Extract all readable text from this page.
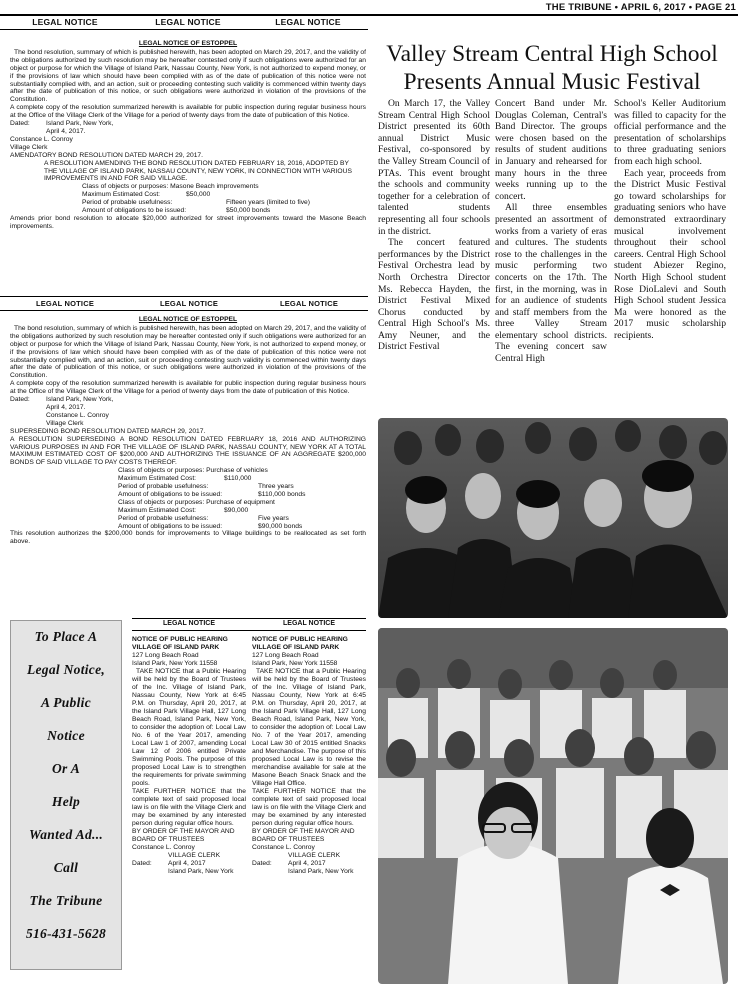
THE TRIBUNE • APRIL 6, 2017 • PAGE 21
LEGAL NOTICE	LEGAL NOTICE	LEGAL NOTICE

LEGAL NOTICE OF ESTOPPEL

The bond resolution, summary of which is published herewith, has been adopted on March 29, 2017, and the validity of the obligations authorized by such resolution may be hereafter contested only if such obligations were authorized for an object or purpose for which the Village of Island Park, Nassau County, New York, is not authorized to expend money, or if the provisions of law which should have been complied with as of the date of publication of this notice were not substantially complied with, and an action, suit or proceeding contesting such validity is commenced within twenty days after the date of publication of this notice, or such obligations were authorized in violation of the provisions of the Constitution.

A complete copy of the resolution summarized herewith is available for public inspection during regular business hours at the Office of the Village Clerk of the Village for a period of twenty days from the date of publication of this Notice.

Dated:	Island Park, New York,

April 4, 2017.

Constance L. Conroy

Village Clerk

AMENDATORY BOND RESOLUTION DATED MARCH 29, 2017.

A RESOLUTION AMENDING THE BOND RESOLUTION DATED FEBRUARY 18, 2016, ADOPTED BY THE VILLAGE OF ISLAND PARK, NASSAU COUNTY, NEW YORK, IN CONNECTION WITH VARIOUS IMPROVEMENTS IN AND FOR SAID VILLAGE.

Class of objects or purposes: Masone Beach improvements

Maximum Estimated Cost:	$50,000
Period of probable usefulness:	Fifteen years (limited to five)
Amount of obligations to be issued:	$50,000 bonds

Amends prior bond resolution to allocate $20,000 authorized for street improvements toward the Masone Beach improvements.

LEGAL NOTICE	LEGAL NOTICE	LEGAL NOTICE

LEGAL NOTICE OF ESTOPPEL

The bond resolution, summary of which is published herewith, has been adopted on March 29, 2017, and the validity of the obligations authorized by such resolution may be hereafter contested only if such obligations were authorized for an object or purpose for which the Village of Island Park, Nassau County, New York, is not authorized to expend money, or if the provisions of law which should have been complied with as of the date of publication of this notice were not substantially complied with, and an action, suit or proceeding contesting such validity is commenced within twenty days after the date of publication of this notice, or such obligations were authorized in violation of the provisions of the Constitution.

A complete copy of the resolution summarized herewith is available for public inspection during regular business hours at the Office of the Village Clerk of the Village for a period of twenty days from the date of publication of this Notice.

Dated:	Island Park, New York,

April 4, 2017.

Constance L. Conroy

Village Clerk

SUPERSEDING BOND RESOLUTION DATED MARCH 29, 2017.

A RESOLUTION SUPERSEDING A BOND RESOLUTION DATED FEBRUARY 18, 2016 AND AUTHORIZING VARIOUS PURPOSES IN AND FOR THE VILLAGE OF ISLAND PARK, NASSAU COUNTY, NEW YORK AT A TOTAL MAXIMUM ESTIMATED COST OF $200,000 AND AUTHORIZING THE ISSUANCE OF AN AGGREGATE $200,000 BONDS OF SAID VILLAGE TO PAY COSTS THEREOF.

Class of objects or purposes: Purchase of vehicles

Maximum Estimated Cost:	$110,000
Period of probable usefulness:	Three years
Amount of obligations to be issued:	$110,000 bonds

Class of objects or purposes: Purchase of equipment

Maximum Estimated Cost:	$90,000
Period of probable usefulness:	Five years
Amount of obligations to be issued:	$90,000 bonds

This resolution authorizes the $200,000 bonds for improvements to Village buildings to be reallocated as set forth above.

To Place A
Legal Notice,
A Public
Notice
Or A
Help
Wanted Ad...
Call
The Tribune
516-431-5628
LEGAL NOTICE	LEGAL NOTICE

NOTICE OF PUBLIC HEARING VILLAGE OF ISLAND PARK

127 Long Beach Road

Island Park, New York 11558

TAKE NOTICE that a Public Hearing will be held by the Board of Trustees of the Inc. Village of Island Park, Nassau County, New York at 6:45 P.M. on Thursday, April 20, 2017, at the Island Park Village Hall, 127 Long Beach Road, Island Park, New York, to consider the adoption of: Local Law No. 6 of the Year 2017, amending Local Law 1 of 2007, amending Local Law 12 of 2006 entitled Private Swimming Pools. The purpose of this proposed Local Law is to strengthen the requirements for private swimming pools.

TAKE FURTHER NOTICE that the complete text of said proposed local law is on file with the Village Clerk and may be examined by any interested person during regular office hours.

BY ORDER OF THE MAYOR AND BOARD OF TRUSTEES

Constance L. Conroy

VILLAGE CLERK

Dated:	April 4, 2017

Island Park, New York

NOTICE OF PUBLIC HEARING VILLAGE OF ISLAND PARK

127 Long Beach Road

Island Park, New York 11558

TAKE NOTICE that a Public Hearing will be held by the Board of Trustees of the Inc. Village of Island Park, Nassau County, New York at 6:45 P.M. on Thursday, April 20, 2017, at the Island Park Village Hall, 127 Long Beach Road, Island Park, New York, to consider the adoption of: Local Law No. 7 of the Year 2017, amending Local Law 30 of 2015 entitled Snacks and Merchandise. The purpose of this proposed Local Law is to revise the merchandise available for sale at the Masone Beach Snack Snack and the Village Hall Office.

TAKE FURTHER NOTICE that the complete text of said proposed local law is on file with the Village Clerk and may be examined by any interested person during regular office hours.

BY ORDER OF THE MAYOR AND BOARD OF TRUSTEES

Constance L. Conroy

VILLAGE CLERK

Dated:	April 4, 2017

Island Park, New York

Valley Stream Central High School
Presents Annual Music Festival

On March 17, the Valley Stream Central High School District presented its 60th annual District Music Festival, co-sponsored by the Valley Stream Council of PTAs. This event brought the schools and community together for a celebration of talented students representing all four schools in the district.

The concert featured performances by the District Festival Orchestra lead by North Orchestra Director Ms. Rebecca Hayden, the District Festival Mixed Chorus conducted by Central High School's Ms. Amy Neuner, and the District Festival

Concert Band under Mr. Douglas Coleman, Central's Band Director. The groups were chosen based on the results of student auditions in January and rehearsed for many hours in the three weeks running up to the concert.

All three ensembles presented an assortment of works from a variety of eras and cultures. The students rose to the challenges in the music performing two concerts on the 17th. The first, in the morning, was in for an audience of students and staff members from the three Valley Stream elementary school districts. The evening concert saw Central High

School's Keller Auditorium was filled to capacity for the official performance and the presentation of scholarships to three graduating seniors from each high school.

Each year, proceeds from the District Music Festival go toward scholarships for graduating seniors who have demonstrated extraordinary musical involvement throughout their school careers. Central High School student Abiezer Regino, North High School student Rose DioLalevi and South High School student Jessica Ma were honored as the 2017 music scholarship recipients.
